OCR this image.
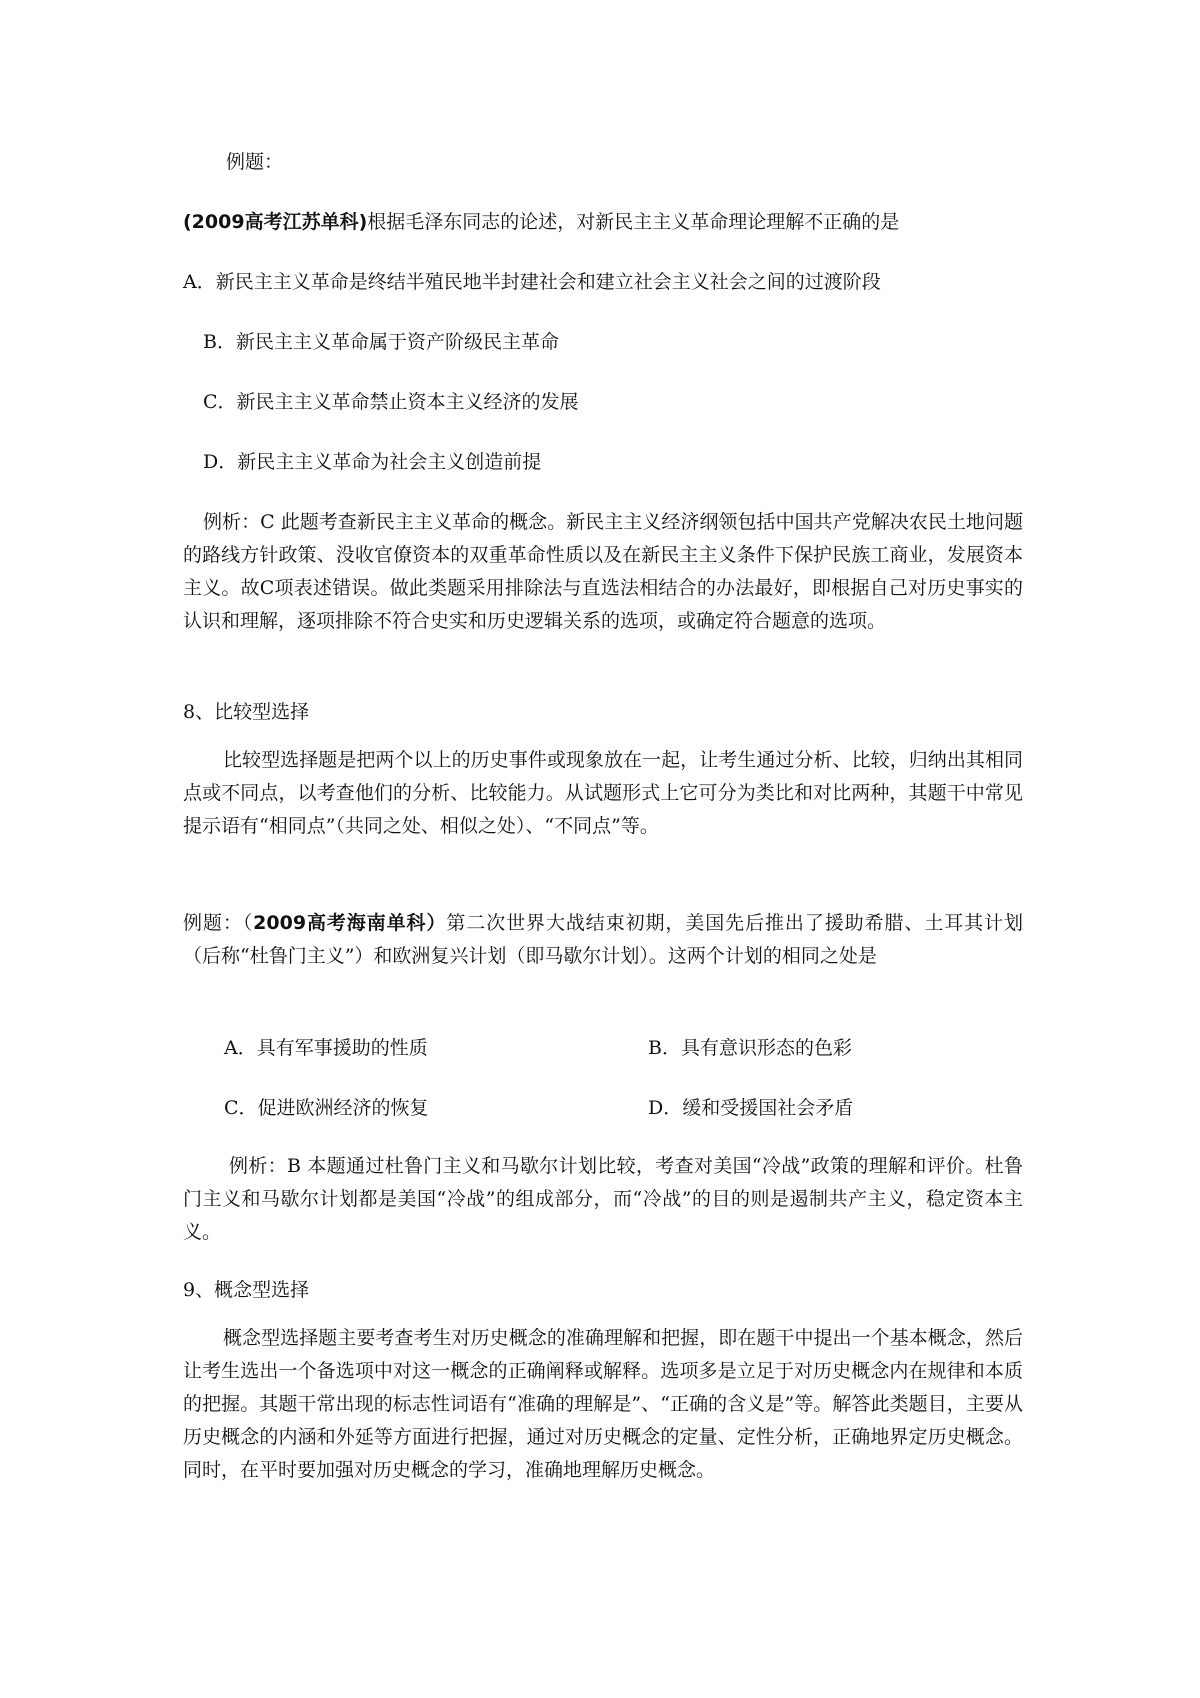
例题：
(2009高考江苏单科)根据毛泽东同志的论述，对新民主主义革命理论理解不正确的是
A．新民主主义革命是终结半殖民地半封建社会和建立社会主义社会之间的过渡阶段
B．新民主主义革命属于资产阶级民主革命
C．新民主主义革命禁止资本主义经济的发展
D．新民主主义革命为社会主义创造前提
例析：C 此题考查新民主主义革命的概念。新民主主义经济纲领包括中国共产党解决农民土地问题的路线方针政策、没收官僚资本的双重革命性质以及在新民主主义条件下保护民族工商业，发展资本主义。故C项表述错误。做此类题采用排除法与直选法相结合的办法最好，即根据自己对历史事实的认识和理解，逐项排除不符合史实和历史逻辑关系的选项，或确定符合题意的选项。
8、比较型选择
比较型选择题是把两个以上的历史事件或现象放在一起，让考生通过分析、比较，归纳出其相同点或不同点，以考查他们的分析、比较能力。从试题形式上它可分为类比和对比两种，其题干中常见提示语有“相同点”（共同之处、相似之处）、“不同点”等。
例题：（2009高考海南单科）第二次世界大战结束初期，美国先后推出了援助希腊、土耳其计划（后称“杜鲁门主义”）和欧洲复兴计划（即马歇尔计划）。这两个计划的相同之处是
A．具有军事援助的性质	B．具有意识形态的色彩
C．促进欧洲经济的恢复	D．缓和受援国社会矛盾
例析：B 本题通过杜鲁门主义和马歇尔计划比较，考查对美国“冷战”政策的理解和评价。杜鲁门主义和马歇尔计划都是美国“冷战”的组成部分，而“冷战”的目的则是遏制共产主义，稳定资本主义。
9、概念型选择
概念型选择题主要考查考生对历史概念的准确理解和把握，即在题干中提出一个基本概念，然后让考生选出一个备选项中对这一概念的正确阐释或解释。选项多是立足于对历史概念内在规律和本质的把握。其题干常出现的标志性词语有“准确的理解是”、“正确的含义是”等。解答此类题目，主要从历史概念的内涵和外延等方面进行把握，通过对历史概念的定量、定性分析，正确地界定历史概念。同时，在平时要加强对历史概念的学习，准确地理解历史概念。
